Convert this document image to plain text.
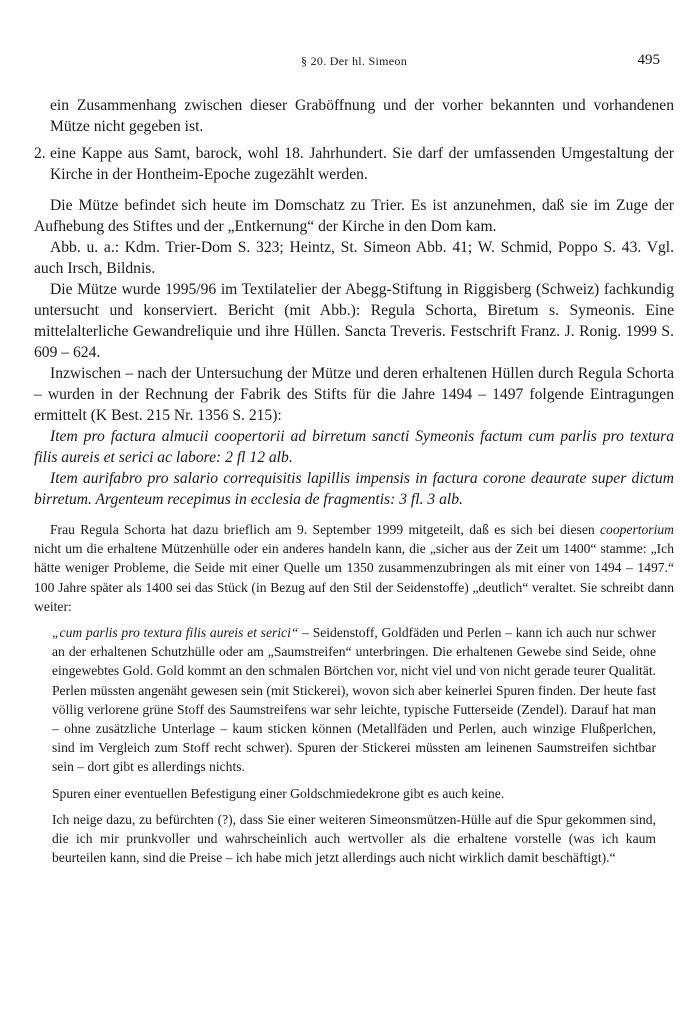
§ 20. Der hl. Simeon	495

ein Zusammenhang zwischen dieser Graböffnung und der vorher bekannten und vorhandenen Mütze nicht gegeben ist.

2. eine Kappe aus Samt, barock, wohl 18. Jahrhundert. Sie darf der umfassenden Umgestaltung der Kirche in der Hontheim-Epoche zugezählt werden.

Die Mütze befindet sich heute im Domschatz zu Trier. Es ist anzunehmen, daß sie im Zuge der Aufhebung des Stiftes und der „Entkernung“ der Kirche in den Dom kam.

Abb. u. a.: Kdm. Trier-Dom S. 323; Heintz, St. Simeon Abb. 41; W. Schmid, Poppo S. 43. Vgl. auch Irsch, Bildnis.

Die Mütze wurde 1995/96 im Textilatelier der Abegg-Stiftung in Riggisberg (Schweiz) fachkundig untersucht und konserviert. Bericht (mit Abb.): Regula Schorta, Biretum s. Symeonis. Eine mittelalterliche Gewandreliquie und ihre Hüllen. Sancta Treveris. Festschrift Franz. J. Ronig. 1999 S. 609 – 624.

Inzwischen – nach der Untersuchung der Mütze und deren erhaltenen Hüllen durch Regula Schorta – wurden in der Rechnung der Fabrik des Stifts für die Jahre 1494 – 1497 folgende Eintragungen ermittelt (K Best. 215 Nr. 1356 S. 215):

Item pro factura almucii coopertorii ad birretum sancti Symeonis factum cum parlis pro textura filis aureis et serici ac labore: 2 fl 12 alb.

Item aurifabro pro salario correquisitis lapillis impensis in factura corone deaurate super dictum birretum. Argenteum recepimus in ecclesia de fragmentis: 3 fl. 3 alb.

Frau Regula Schorta hat dazu brieflich am 9. September 1999 mitgeteilt, daß es sich bei diesen coopertorium nicht um die erhaltene Mützenhülle oder ein anderes handeln kann, die „sicher aus der Zeit um 1400“ stamme: „Ich hätte weniger Probleme, die Seide mit einer Quelle um 1350 zusammenzubringen als mit einer von 1494 – 1497.“ 100 Jahre später als 1400 sei das Stück (in Bezug auf den Stil der Seidenstoffe) „deutlich“ veraltet. Sie schreibt dann weiter:

„cum parlis pro textura filis aureis et serici“ – Seidenstoff, Goldfäden und Perlen – kann ich auch nur schwer an der erhaltenen Schutzhülle oder am „Saumstreifen“ unterbringen. Die erhaltenen Gewebe sind Seide, ohne eingewebtes Gold. Gold kommt an den schmalen Börtchen vor, nicht viel und von nicht gerade teurer Qualität. Perlen müssten angenäht gewesen sein (mit Stickerei), wovon sich aber keinerlei Spuren finden. Der heute fast völlig verlorene grüne Stoff des Saumstreifens war sehr leichte, typische Futterseide (Zendel). Darauf hat man – ohne zusätzliche Unterlage – kaum sticken können (Metallfäden und Perlen, auch winzige Flußperlchen, sind im Vergleich zum Stoff recht schwer). Spuren der Stickerei müssten am leinenen Saumstreifen sichtbar sein – dort gibt es allerdings nichts.

Spuren einer eventuellen Befestigung einer Goldschmiedekrone gibt es auch keine.

Ich neige dazu, zu befürchten (?), dass Sie einer weiteren Simeonsmützen-Hülle auf die Spur gekommen sind, die ich mir prunkvoller und wahrscheinlich auch wertvoller als die erhaltene vorstelle (was ich kaum beurteilen kann, sind die Preise – ich habe mich jetzt allerdings auch nicht wirklich damit beschäftigt).“
